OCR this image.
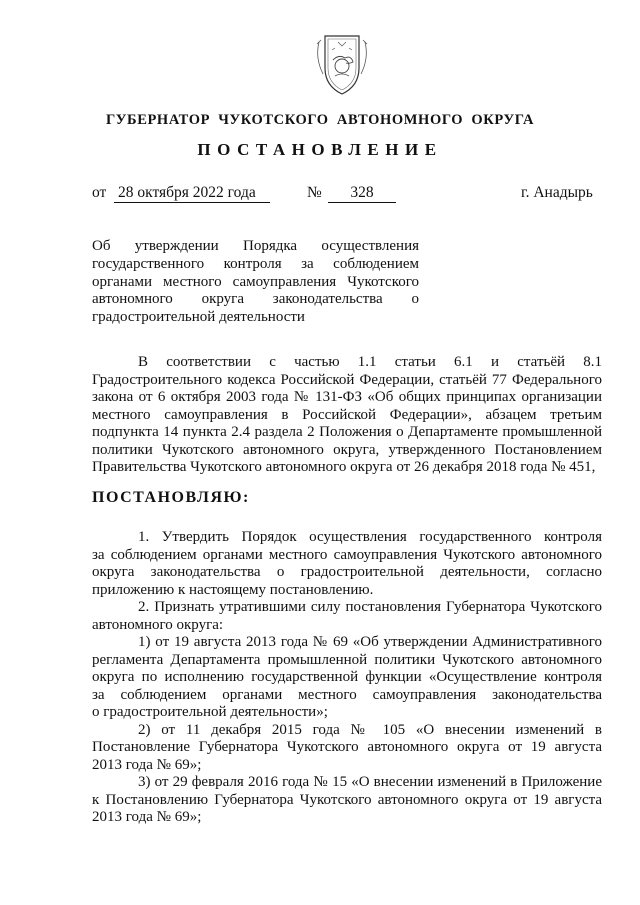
ГУБЕРНАТОР ЧУКОТСКОГО АВТОНОМНОГО ОКРУГА
ПОСТАНОВЛЕНИЕ
от 28 октября 2022 года	№	328	г. Анадырь
Об утверждении Порядка осуществления
государственного контроля за соблюдением
органами местного самоуправления Чукотского
автономного округа законодательства о
градостроительной деятельности

В соответствии с частью 1.1 статьи 6.1 и статьёй 8.1
Градостроительного кодекса Российской Федерации, статьёй 77 Федерального
закона от 6 октября 2003 года № 131-ФЗ «Об общих принципах организации
местного самоуправления в Российской Федерации», абзацем третьим
подпункта 14 пункта 2.4 раздела 2 Положения о Департаменте промышленной
политики Чукотского автономного округа, утвержденного Постановлением
Правительства Чукотского автономного округа от 26 декабря 2018 года № 451,

ПОСТАНОВЛЯЮ:

1. Утвердить Порядок осуществления государственного контроля
за соблюдением органами местного самоуправления Чукотского автономного
округа законодательства о градостроительной деятельности, согласно
приложению к настоящему постановлению.

2. Признать утратившими силу постановления Губернатора Чукотского
автономного округа:

1) от 19 августа 2013 года № 69 «Об утверждении Административного
регламента Департамента промышленной политики Чукотского автономного
округа по исполнению государственной функции «Осуществление контроля
за соблюдением органами местного самоуправления законодательства
о градостроительной деятельности»;

2) от 11 декабря 2015 года № 105 «О внесении изменений в
Постановление Губернатора Чукотского автономного округа от 19 августа
2013 года № 69»;

3) от 29 февраля 2016 года № 15 «О внесении изменений в Приложение
к Постановлению Губернатора Чукотского автономного округа от 19 августа
2013 года № 69»;
